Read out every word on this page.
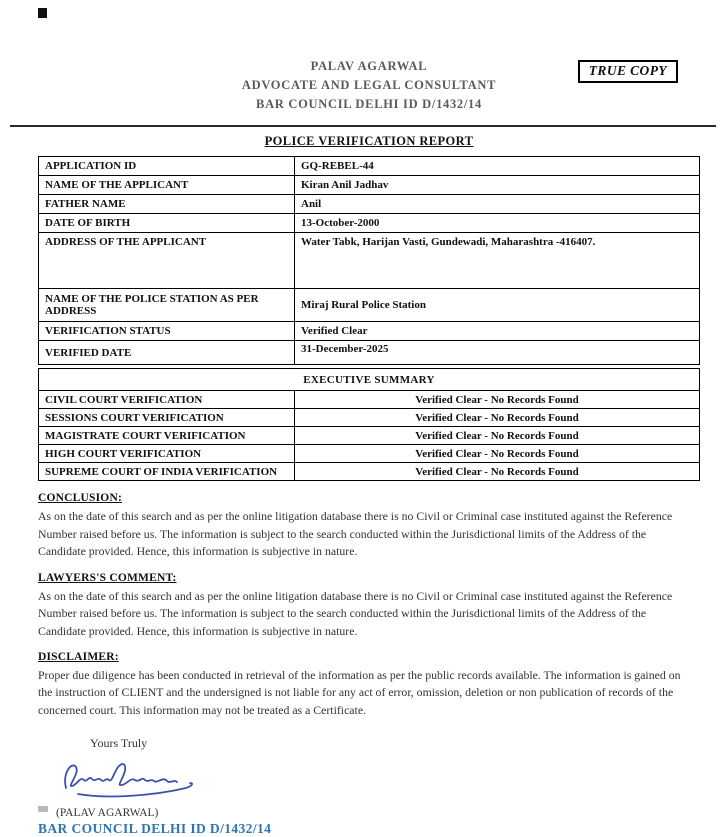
TRUE COPY
PALAV AGARWAL
ADVOCATE AND LEGAL CONSULTANT
BAR COUNCIL DELHI ID D/1432/14
POLICE VERIFICATION REPORT
APPLICATION ID	GQ-REBEL-44
NAME OF THE APPLICANT	Kiran Anil Jadhav
FATHER NAME	Anil
DATE OF BIRTH	13-October-2000
ADDRESS OF THE APPLICANT	Water Tabk, Harijan Vasti, Gundewadi, Maharashtra -416407.
NAME OF THE POLICE STATION AS PER ADDRESS	Miraj Rural Police Station
VERIFICATION STATUS	Verified Clear
VERIFIED DATE	31-December-2025
EXECUTIVE SUMMARY	
CIVIL COURT VERIFICATION	Verified Clear - No Records Found
SESSIONS COURT VERIFICATION	Verified Clear - No Records Found
MAGISTRATE COURT VERIFICATION	Verified Clear - No Records Found
HIGH COURT VERIFICATION	Verified Clear - No Records Found
SUPREME COURT OF INDIA VERIFICATION	Verified Clear - No Records Found
CONCLUSION:
As on the date of this search and as per the online litigation database there is no Civil or Criminal case instituted against the Reference Number raised before us. The information is subject to the search conducted within the Jurisdictional limits of the Address of the Candidate provided. Hence, this information is subjective in nature.
LAWYERS'S COMMENT:
As on the date of this search and as per the online litigation database there is no Civil or Criminal case instituted against the Reference Number raised before us. The information is subject to the search conducted within the Jurisdictional limits of the Address of the Candidate provided. Hence, this information is subjective in nature.
DISCLAIMER:
Proper due diligence has been conducted in retrieval of the information as per the public records available. The information is gained on the instruction of CLIENT and the undersigned is not liable for any act of error, omission, deletion or non publication of records of the concerned court. This information may not be treated as a Certificate.
Yours Truly
(PALAV AGARWAL)
BAR COUNCIL DELHI ID D/1432/14
